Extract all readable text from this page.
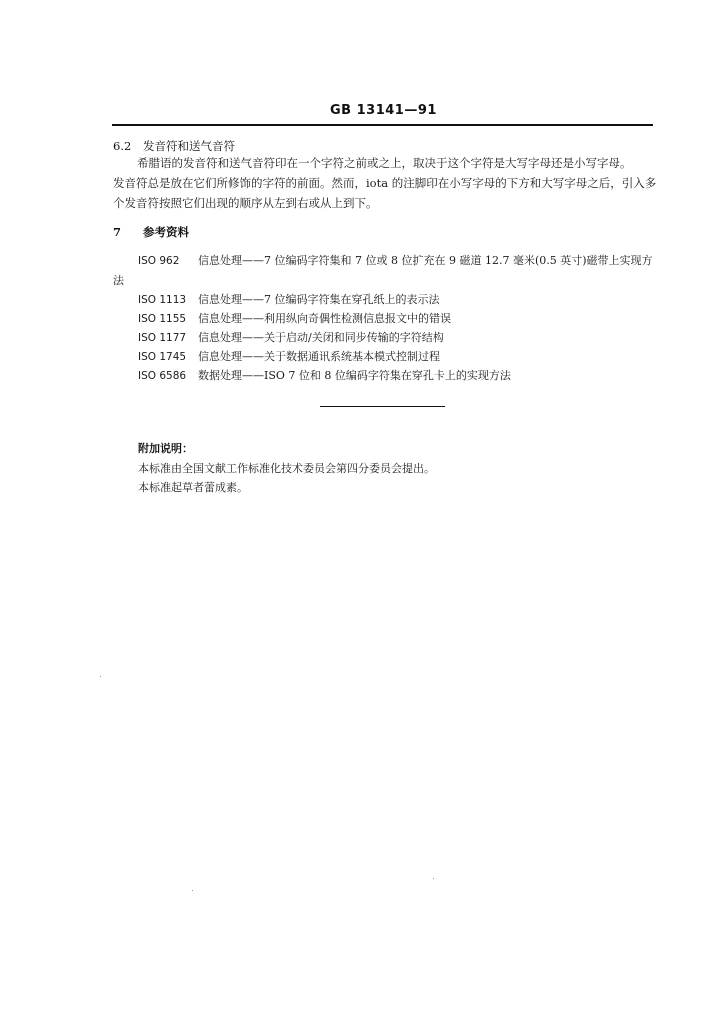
GB 13141—91
6.2 发音符和送气音符

希腊语的发音符和送气音符印在一个字符之前或之上，取决于这个字符是大写字母还是小写字母。

发音符总是放在它们所修饰的字符的前面。然而，iota 的注脚印在小写字母的下方和大写字母之后，引入多个发音符按照它们出现的顺序从左到右或从上到下。

7 参考资料
ISO 962 信息处理——7 位编码字符集和 7 位或 8 位扩充在 9 磁道 12.7 毫米(0.5 英寸)磁带上实现方法
ISO 1113 信息处理——7 位编码字符集在穿孔纸上的表示法
ISO 1155 信息处理——利用纵向奇偶性检测信息报文中的错误
ISO 1177 信息处理——关于启动/关闭和同步传输的字符结构
ISO 1745 信息处理——关于数据通讯系统基本模式控制过程
ISO 6586 数据处理——ISO 7 位和 8 位编码字符集在穿孔卡上的实现方法
附加说明：
本标准由全国文献工作标准化技术委员会第四分委员会提出。
本标准起草者蕾成素。
